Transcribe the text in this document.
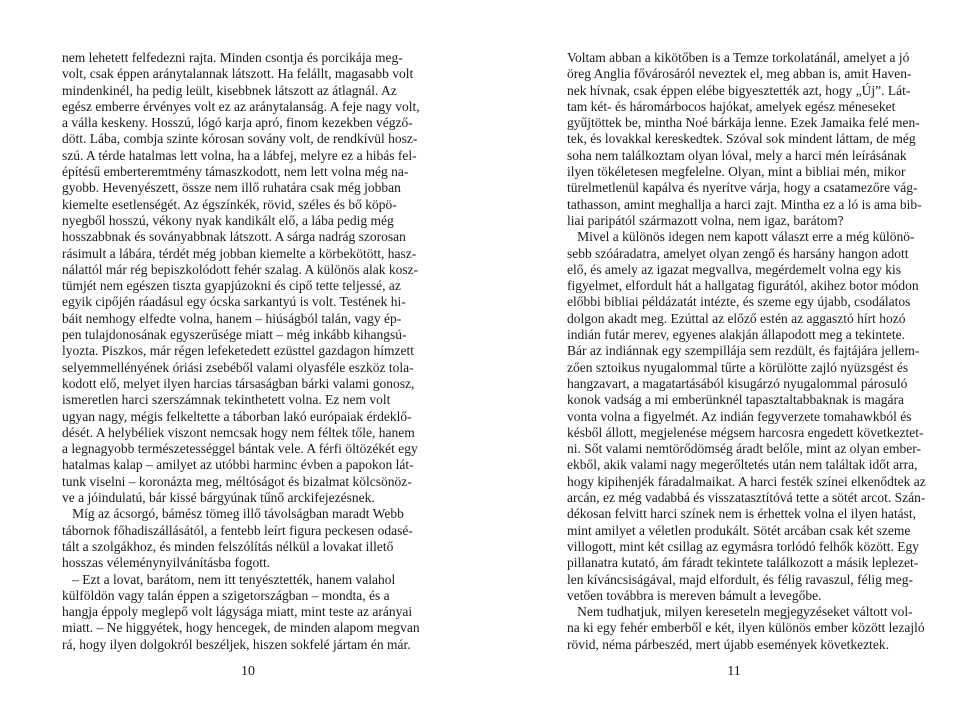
nem lehetett felfedezni rajta. Minden csontja és porcikája meg-
volt, csak éppen aránytalannak látszott. Ha felállt, magasabb volt
mindenkinél, ha pedig leült, kisebbnek látszott az átlagnál. Az
egész emberre érvényes volt ez az aránytalanság. A feje nagy volt,
a válla keskeny. Hosszú, lógó karja apró, finom kezekben végző-
dött. Lába, combja szinte kórosan sovány volt, de rendkívül hosz-
szú. A térde hatalmas lett volna, ha a lábfej, melyre ez a hibás fel-
építésű emberteremtmény támaszkodott, nem lett volna még na-
gyobb. Hevenyészett, össze nem illő ruhatára csak még jobban
kiemelte esetlenségét. Az égszínkék, rövid, széles és bő köpö-
nyegből hosszú, vékony nyak kandikált elő, a lába pedig még
hosszabbnak és soványabbnak látszott. A sárga nadrág szorosan
rásimult a lábára, térdét még jobban kiemelte a körbekötött, hasz-
nálattól már rég bepiszkolódott fehér szalag. A különös alak kosz-
tümjét nem egészen tiszta gyapjúzokni és cipő tette teljessé, az
egyik cipőjén ráadásul egy ócska sarkantyú is volt. Testének hi-
báit nemhogy elfedte volna, hanem – hiúságból talán, vagy ép-
pen tulajdonosának egyszerűsége miatt – még inkább kihangsú-
lyozta. Piszkos, már régen lefeketedett ezüsttel gazdagon hímzett
selyemmellényének óriási zsebéből valami olyasféle eszköz tola-
kodott elő, melyet ilyen harcias társaságban bárki valami gonosz,
ismeretlen harci szerszámnak tekinthetett volna. Ez nem volt
ugyan nagy, mégis felkeltette a táborban lakó európaiak érdeklő-
dését. A helybéliek viszont nemcsak hogy nem féltek tőle, hanem
a legnagyobb természetességgel bántak vele. A férfi öltözékét egy
hatalmas kalap – amilyet az utóbbi harminc évben a papokon lát-
tunk viselni – koronázta meg, méltóságot és bizalmat kölcsönöz-
ve a jóindulatú, bár kissé bárgyúnak tűnő arckifejezésnek.
Míg az ácsorgó, bámész tömeg illő távolságban maradt Webb
tábornok főhadiszállásától, a fentebb leírt figura peckesen odasé-
tált a szolgákhoz, és minden felszólítás nélkül a lovakat illető
hosszas véleménynyilvánításba fogott.
– Ezt a lovat, barátom, nem itt tenyésztették, hanem valahol
külföldön vagy talán éppen a szigetországban – mondta, és a
hangja éppoly meglepő volt lágysága miatt, mint teste az arányai
miatt. – Ne higgyétek, hogy hencegek, de minden alapom megvan
rá, hogy ilyen dolgokról beszéljek, hiszen sokfelé jártam én már.
10
Voltam abban a kikötőben is a Temze torkolatánál, amelyet a jó
öreg Anglia fővárosáról neveztek el, meg abban is, amit Haven-
nek hívnak, csak éppen elébe bigyesztették azt, hogy „Új”. Lát-
tam két- és háromárbocos hajókat, amelyek egész méneseket
gyűjtöttek be, mintha Noé bárkája lenne. Ezek Jamaika felé men-
tek, és lovakkal kereskedtek. Szóval sok mindent láttam, de még
soha nem találkoztam olyan lóval, mely a harci mén leírásának
ilyen tökéletesen megfelelne. Olyan, mint a bibliai mén, mikor
türelmetlenül kapálva és nyerítve várja, hogy a csatamezőre vág-
tathasson, amint meghallja a harci zajt. Mintha ez a ló is ama bib-
liai paripától származott volna, nem igaz, barátom?
Mivel a különös idegen nem kapott választ erre a még különö-
sebb szóáradatra, amelyet olyan zengő és harsány hangon adott
elő, és amely az igazat megvallva, megérdemelt volna egy kis
figyelmet, elfordult hát a hallgatag figurától, akihez botor módon
előbbi bibliai példázatát intézte, és szeme egy újabb, csodálatos
dolgon akadt meg. Ezúttal az előző estén az aggasztó hírt hozó
indián futár merev, egyenes alakján állapodott meg a tekintete.
Bár az indiánnak egy szempillája sem rezdült, és fajtájára jellem-
zően sztoikus nyugalommal tűrte a körülötte zajló nyüzsgést és
hangzavart, a magatartásából kisugárzó nyugalommal párosuló
konok vadság a mi emberünknél tapasztaltabbaknak is magára
vonta volna a figyelmét. Az indián fegyverzete tomahawkból és
késből állott, megjelenése mégsem harcosra engedett következtet-
ni. Sőt valami nemtörődömség áradt belőle, mint az olyan ember-
ekből, akik valami nagy megerőltetés után nem találtak időt arra,
hogy kipihenjék fáradalmaikat. A harci festék színei elkenődtek az
arcán, ez még vadabbá és visszatasztítóvá tette a sötét arcot. Szán-
dékosan felvitt harci színek nem is érhettek volna el ilyen hatást,
mint amilyet a véletlen produkált. Sötét arcában csak két szeme
villogott, mint két csillag az egymásra torlódó felhők között. Egy
pillanatra kutató, ám fáradt tekintete találkozott a másik leplezet-
len kíváncsiságával, majd elfordult, és félig ravaszul, félig meg-
vetően továbbra is mereven bámult a levegőbe.
Nem tudhatjuk, milyen kereseteln megjegyzéseket váltott vol-
na ki egy fehér emberből e két, ilyen különös ember között lezajló
rövid, néma párbeszéd, mert újabb események következtek.
11
